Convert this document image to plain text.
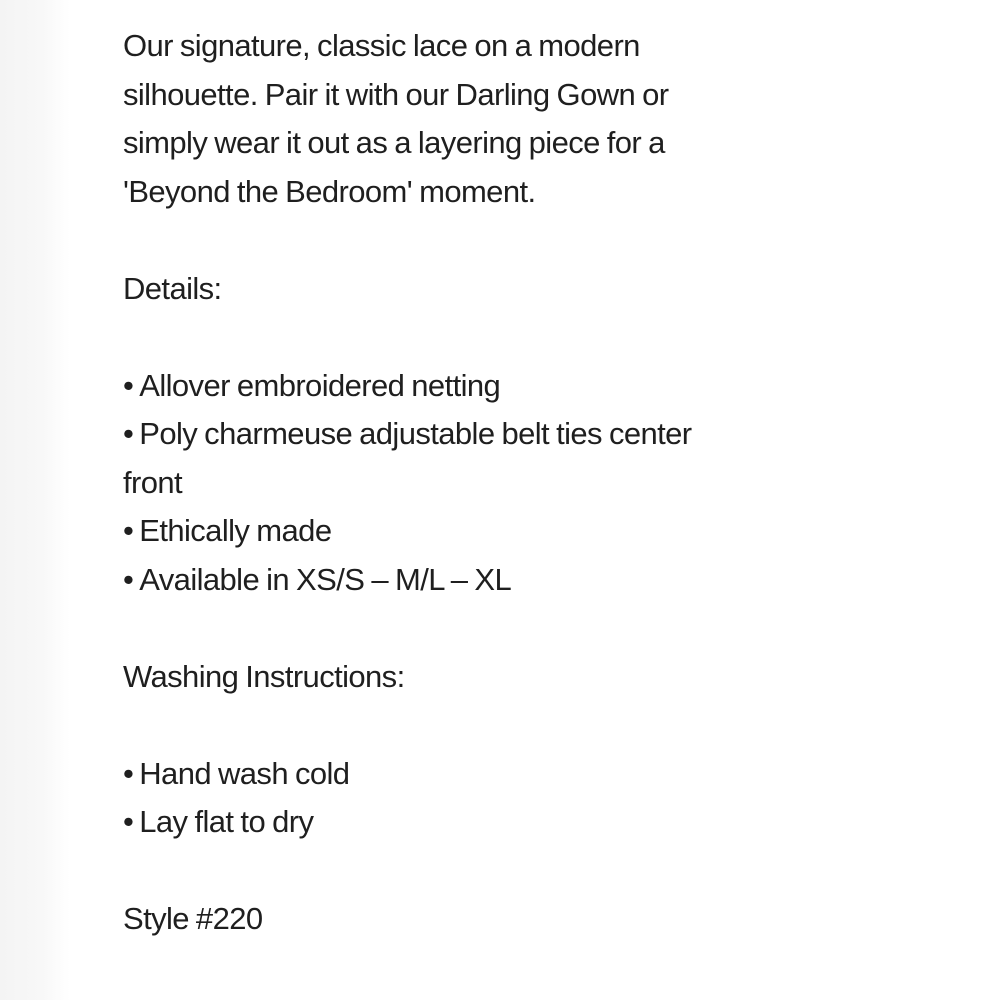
Our signature, classic lace on a modern
silhouette. Pair it with our Darling Gown or
simply wear it out as a layering piece for a
'Beyond the Bedroom' moment.
Details:
• Allover embroidered netting
• Poly charmeuse adjustable belt ties center
front
• Ethically made
• Available in XS/S – M/L – XL
Washing Instructions:
• Hand wash cold
• Lay flat to dry
Style #220
